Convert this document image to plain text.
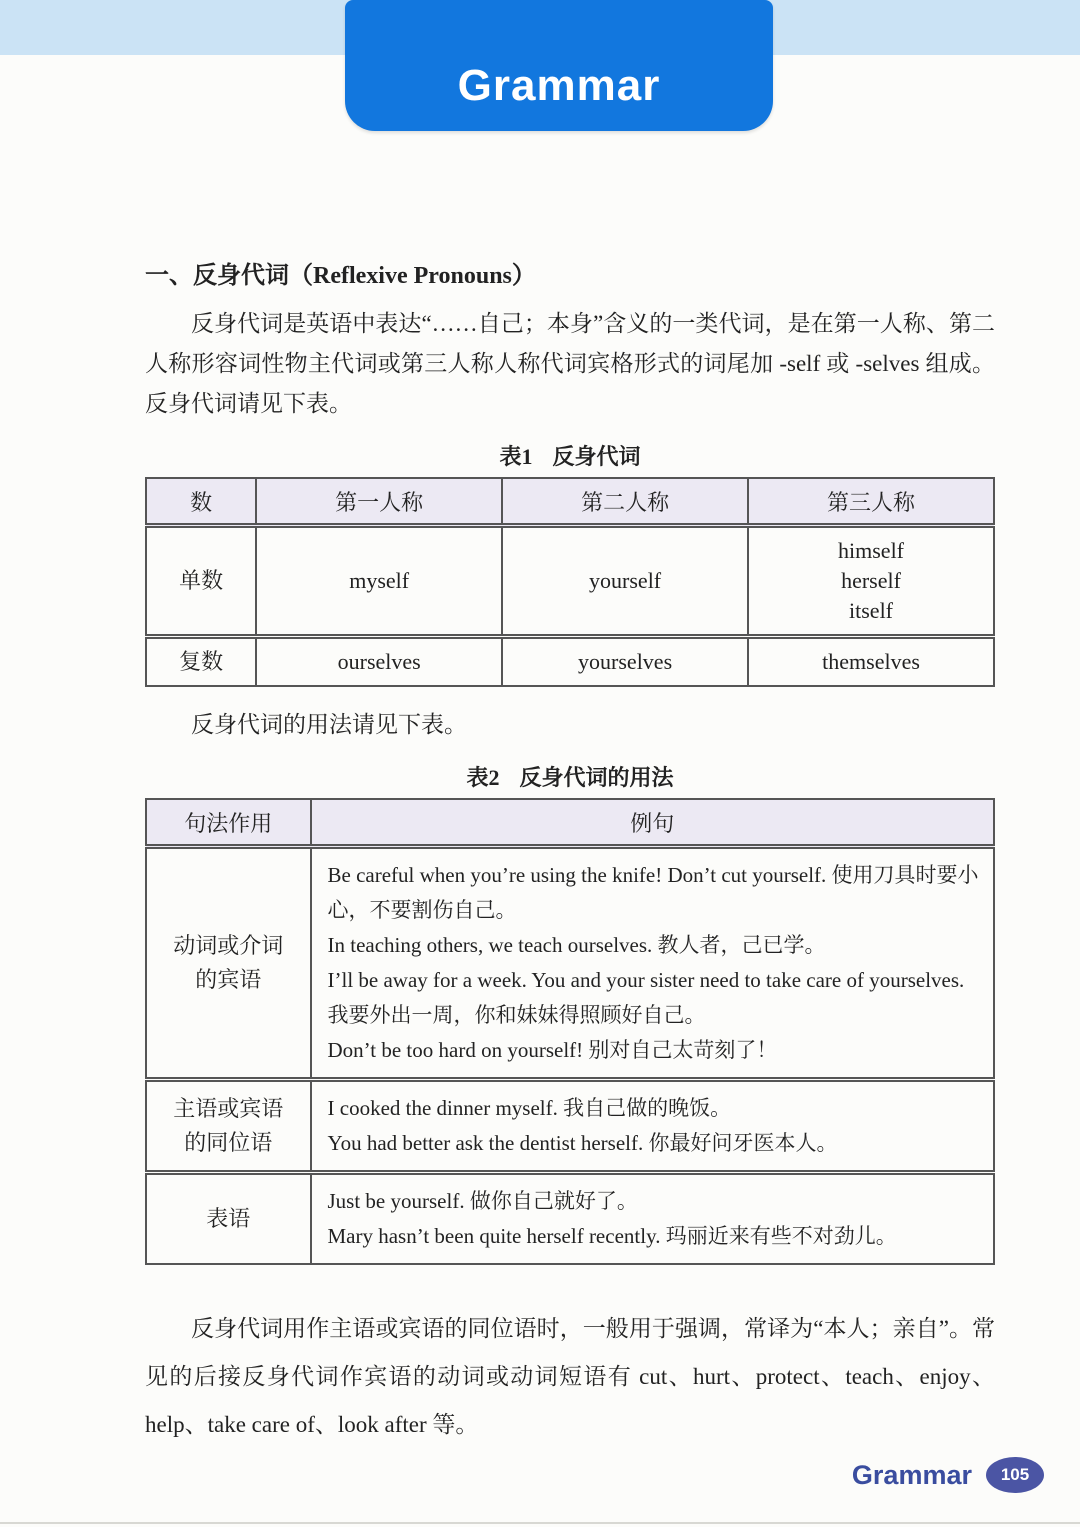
Grammar
一、反身代词（Reflexive Pronouns）

反身代词是英语中表达“……自己；本身”含义的一类代词，是在第一人称、第二人称形容词性物主代词或第三人称人称代词宾格形式的词尾加 -self 或 -selves 组成。反身代词请见下表。

表1 反身代词
数	第一人称	第二人称	第三人称

单数	myself	yourself	himself
herself
itself

复数	ourselves	yourselves	themselves

反身代词的用法请见下表。

表2 反身代词的用法
句法作用	例句

动词或介词
的宾语	Be careful when you’re using the knife! Don’t cut yourself. 使用刀具时要小心，不要割伤自己。
In teaching others, we teach ourselves. 教人者，己已学。
I’ll be away for a week. You and your sister need to take care of yourselves. 我要外出一周，你和妹妹得照顾好自己。
Don’t be too hard on yourself! 别对自己太苛刻了！

主语或宾语
的同位语	I cooked the dinner myself. 我自己做的晚饭。
You had better ask the dentist herself. 你最好问牙医本人。

表语	Just be yourself. 做你自己就好了。
Mary hasn’t been quite herself recently. 玛丽近来有些不对劲儿。

反身代词用作主语或宾语的同位语时，一般用于强调，常译为“本人；亲自”。常见的后接反身代词作宾语的动词或动词短语有 cut、hurt、protect、teach、enjoy、help、take care of、look after 等。

Grammar	105
